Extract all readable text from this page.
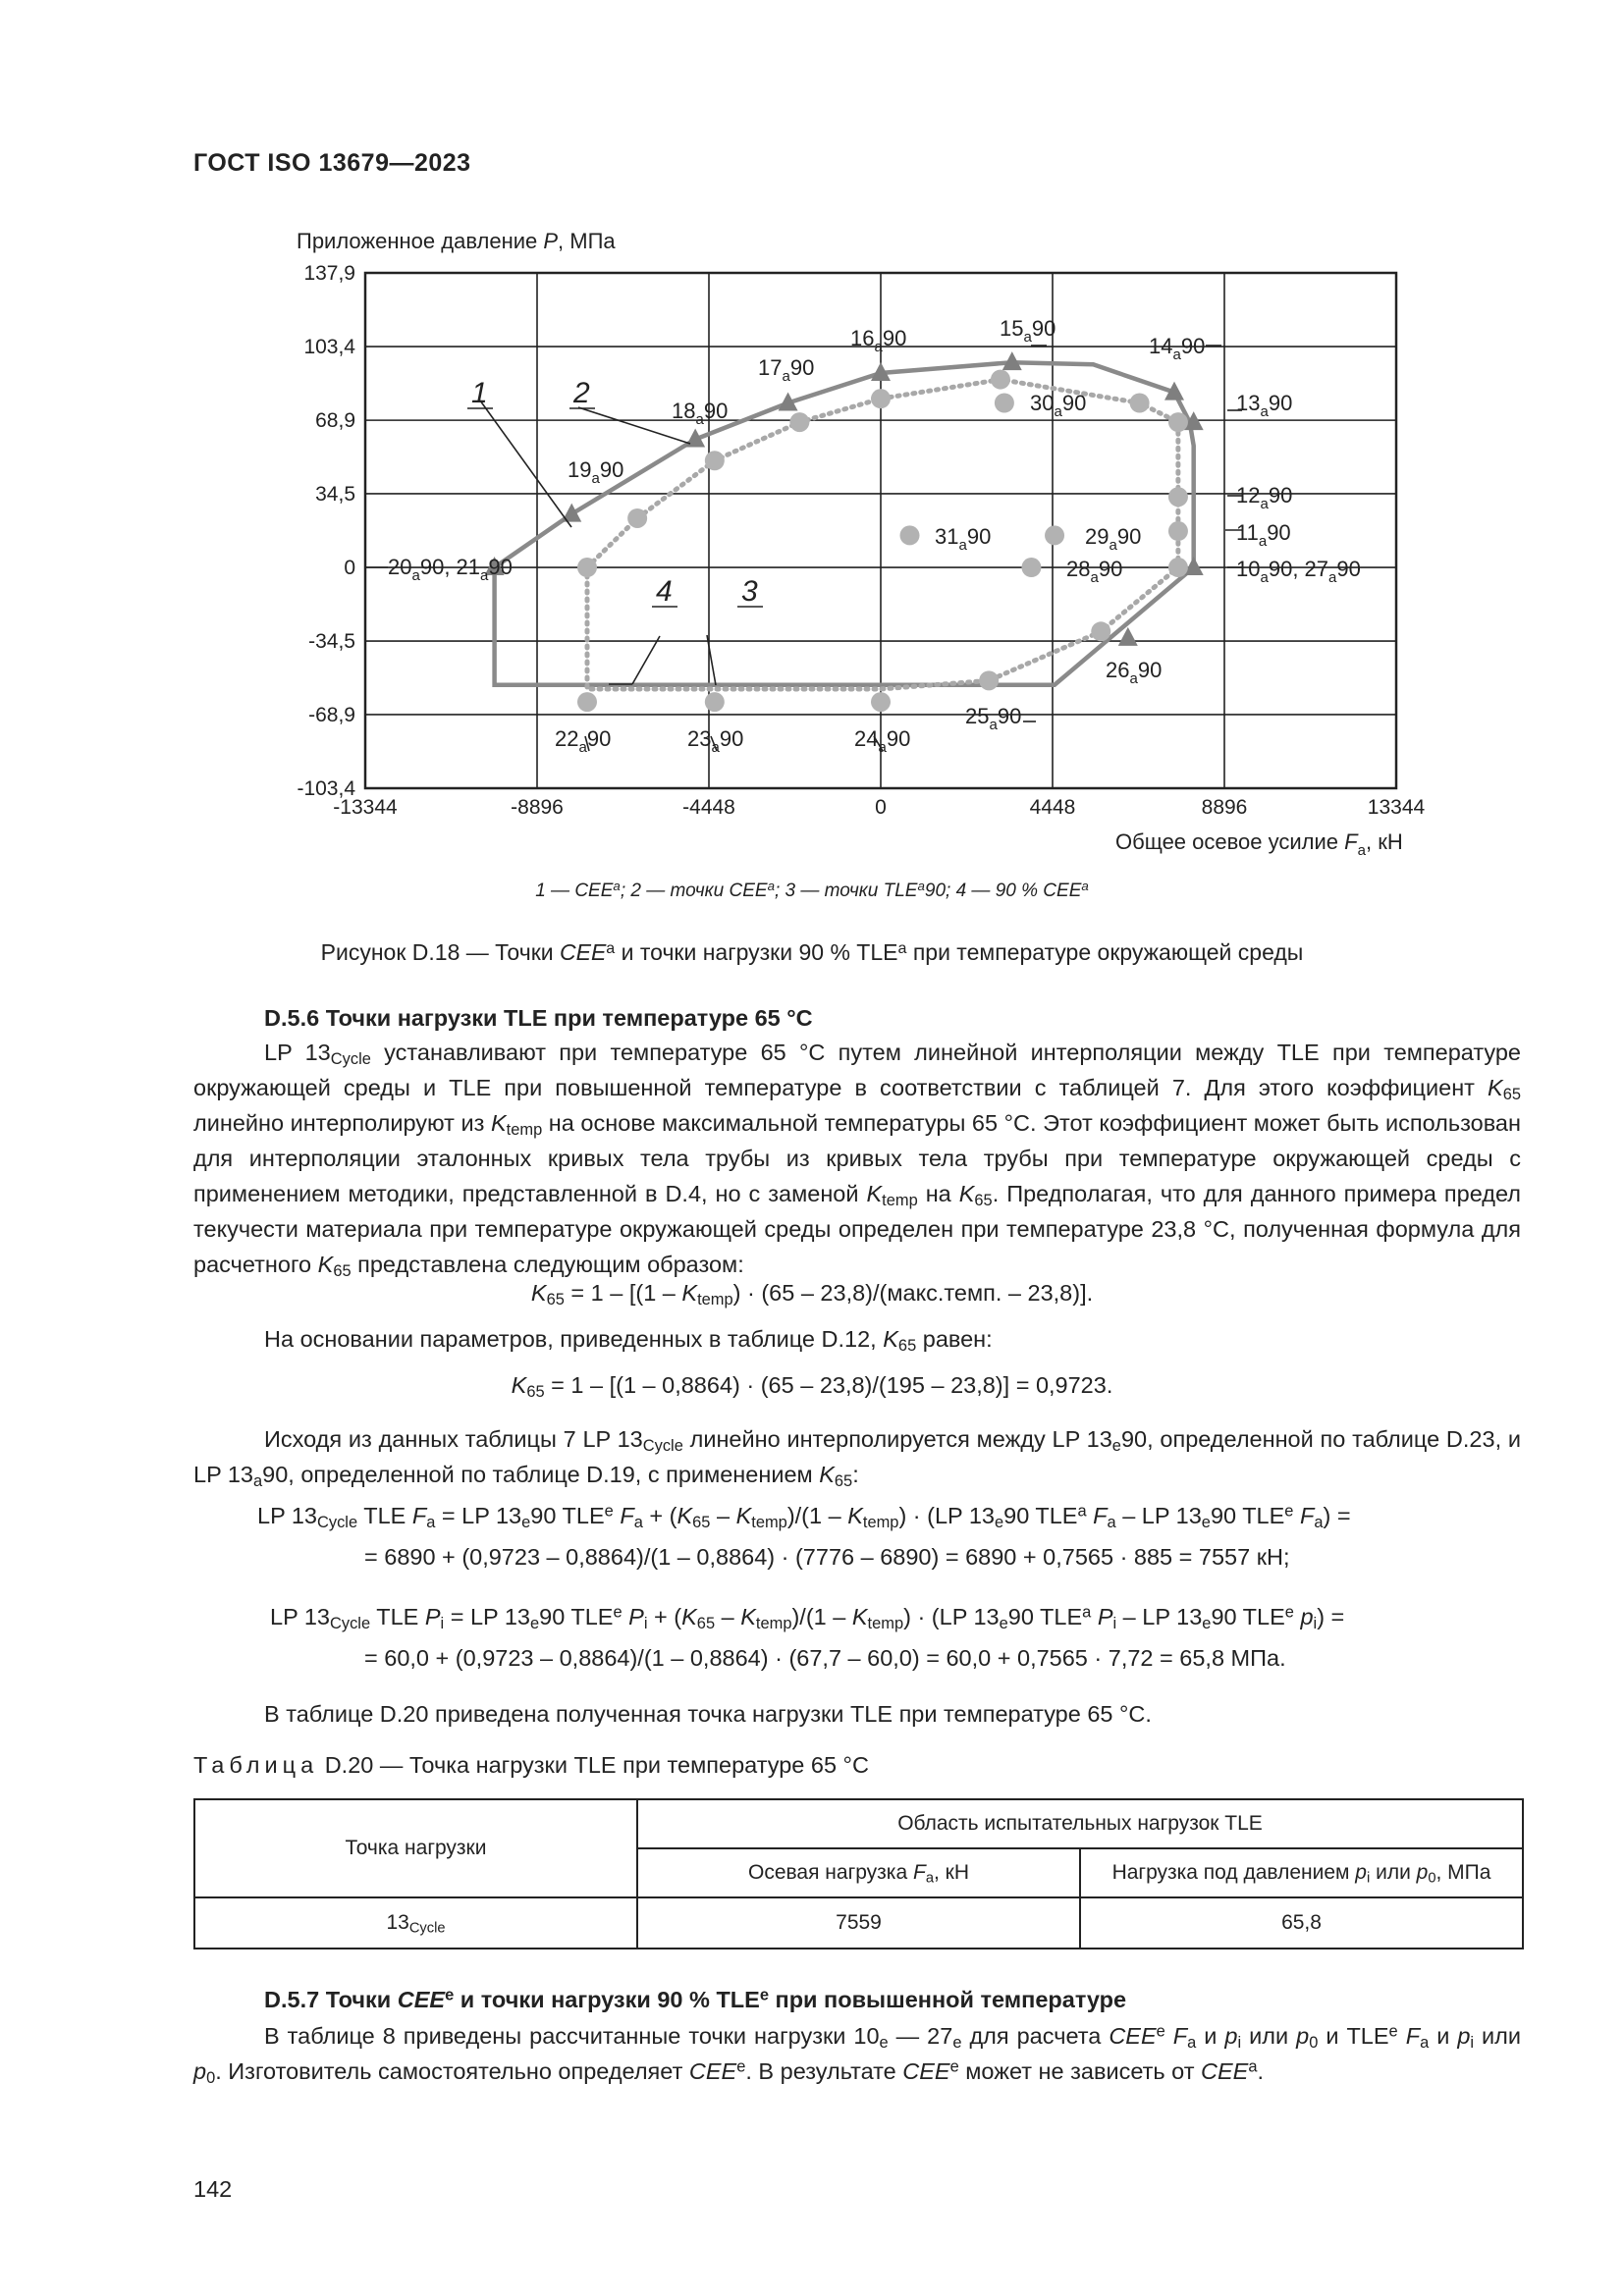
ГОСТ ISO 13679—2023
Приложенное давление P, МПа
Общее осевое усилие $F_a$, кН
-13344	-8896	-4448	0	4448	8896	13344
137,9
103,4
68,9
34,5
0
-34,5
-68,9
-103,4
$20_a90$, $21_a90$
$19_a90$
$18_a90$
$17_a90$
$16_a90$	$15_a90$
$14_a90$
$13_a90$
$12_a90$
$11_a90$
$10_a90$, $27_a90$
$30_a90$
$31_a90$	$29_a90$
$28_a90$
$26_a90$
$25_a90$
$24_a90$
$23_a90$
$22_a90$
1	2
3
4
1 — CEE$^a$; 2 — точки CEE$^a$; 3 — точки TLE$^a$90; 4 — 90 % CEE$^a$
Рисунок D.18 — Точки CEE$^a$ и точки нагрузки 90 % TLE$^a$ при температуре окружающей среды
D.5.6 Точки нагрузки TLE при температуре 65 °С
LP $13_{Cycle}$ устанавливают при температуре 65 °С путем линейной интерполяции между TLE при температуре окружающей среды и TLE при повышенной температуре в соответствии с таблицей 7. Для этого коэффициент $K_{65}$ линейно интерполируют из $K_{temp}$ на основе максимальной температуры 65 °С. Этот коэффициент может быть использован для интерполяции эталонных кривых тела трубы из кривых тела трубы при температуре окружающей среды с применением методики, представленной в D.4, но с заменой $K_{temp}$ на $K_{65}$. Предполагая, что для данного примера предел текучести материала при температуре окружающей среды определен при температуре 23,8 °С, полученная формула для расчетного $K_{65}$ представлена следующим образом:
$K_{65} = 1 - [(1 - K_{temp}) \cdot (65$ – 23,8)/(макс.темп. – 23,8)].
На основании параметров, приведенных в таблице D.12, $K_{65}$ равен:
$K_{65} = 1 - [(1 - 0,8864) \cdot (65 - 23,8)/(195 - 23,8)] = 0,9723$.
Исходя из данных таблицы 7 LP $13_{Cycle}$ линейно интерполируется между LP $13_e90$, определенной по таблице D.23, и LP $13_a90$, определенной по таблице D.19, с применением $K_{65}$:
LP $13_{Cycle}$ TLE $F_a$ = LP $13_e90$ TLE$^e$ $F_a + (K_{65} - K_{temp})/(1 - K_{temp}) \cdot (LP$ $13_e90$ TLE$^a$ $F_a$ – LP $13_e90$ TLE$^e$ $F_a$) =
= 6890 + (0,9723 – 0,8864)/(1 – 0,8864) · (7776 – 6890) = 6890 + 0,7565 · 885 = 7557 кН;
LP $13_{Cycle}$ TLE $P_i$ = LP $13_e90$ TLE$^e$ $P_i + (K_{65} - K_{temp})/(1 - K_{temp}) \cdot (LP$ $13_e90$ TLE$^a$ $P_i$ – LP $13_e90$ TLE$^e$ $p_i$) =
= 60,0 + (0,9723 – 0,8864)/(1 – 0,8864) · (67,7 – 60,0) = 60,0 + 0,7565 · 7,72 = 65,8 МПа.
В таблице D.20 приведена полученная точка нагрузки TLE при температуре 65 °С.
Таблица D.20 — Точка нагрузки TLE при температуре 65 °С
Точка нагрузки	Область испытательных нагрузок TLE	
	Осевая нагрузка $F_a$, кН	Нагрузка под давлением $p_i$ или $p_0$, МПа
$13_{Cycle}$	7559	65,8
D.5.7 Точки CEE$^e$ и точки нагрузки 90 % TLE$^e$ при повышенной температуре
В таблице 8 приведены рассчитанные точки нагрузки $10_e$ — $27_e$ для расчета CEE$^e$ $F_a$ и $p_i$ или $p_0$ и TLE$^e$ $F_a$ и $p_i$ или $p_0$. Изготовитель самостоятельно определяет CEE$^e$. В результате CEE$^e$ может не зависеть от CEE$^a$.
142
